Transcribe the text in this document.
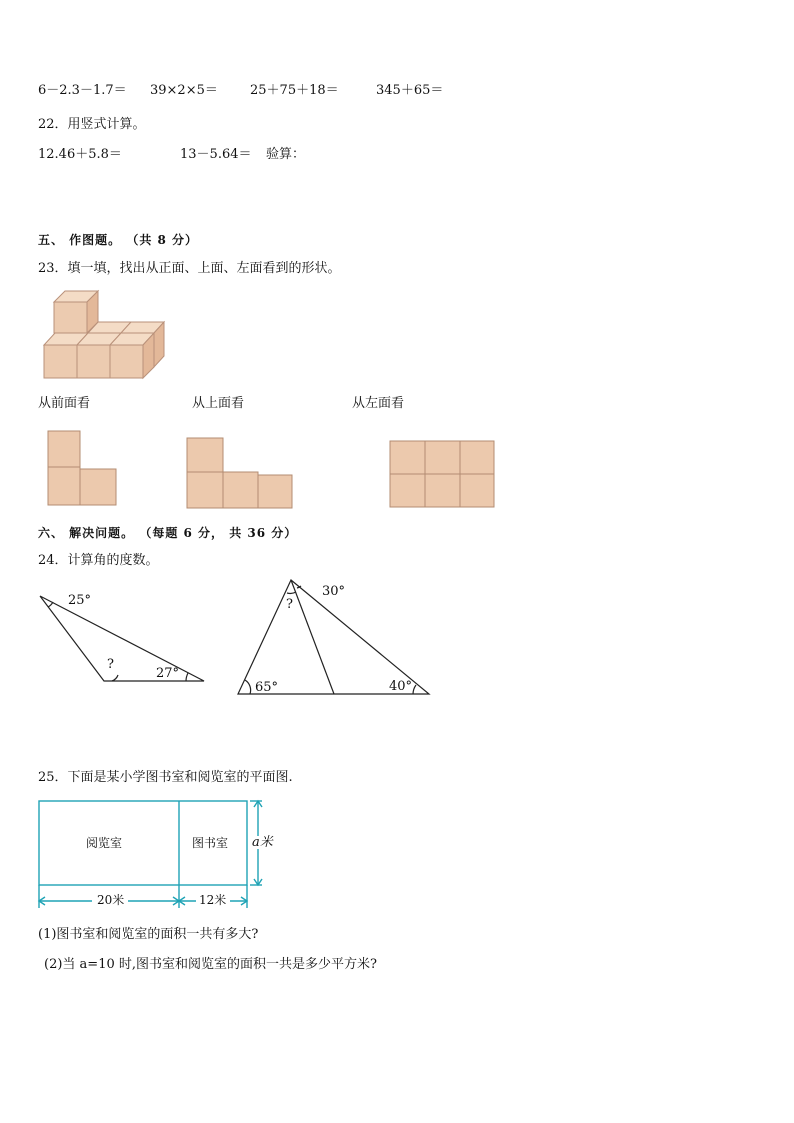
6－2.3－1.7＝ 39×2×5＝ 25＋75＋18＝	345＋65＝
22．用竖式计算。
12.46＋5.8＝	13－5.64＝ 验算：
五、 作图题。 （共 8 分）
23．填一填，找出从正面、上面、左面看到的形状。
从前面看	从上面看	从左面看
六、 解决问题。 （每题 6 分， 共 36 分）
24．计算角的度数。
25°
?
27°
30°
?
65°	40°
25．下面是某小学图书室和阅览室的平面图.
阅览室	图书室 a米
20米	12米
(1)图书室和阅览室的面积一共有多大?
(2)当 a=10 时,图书室和阅览室的面积一共是多少平方米?
